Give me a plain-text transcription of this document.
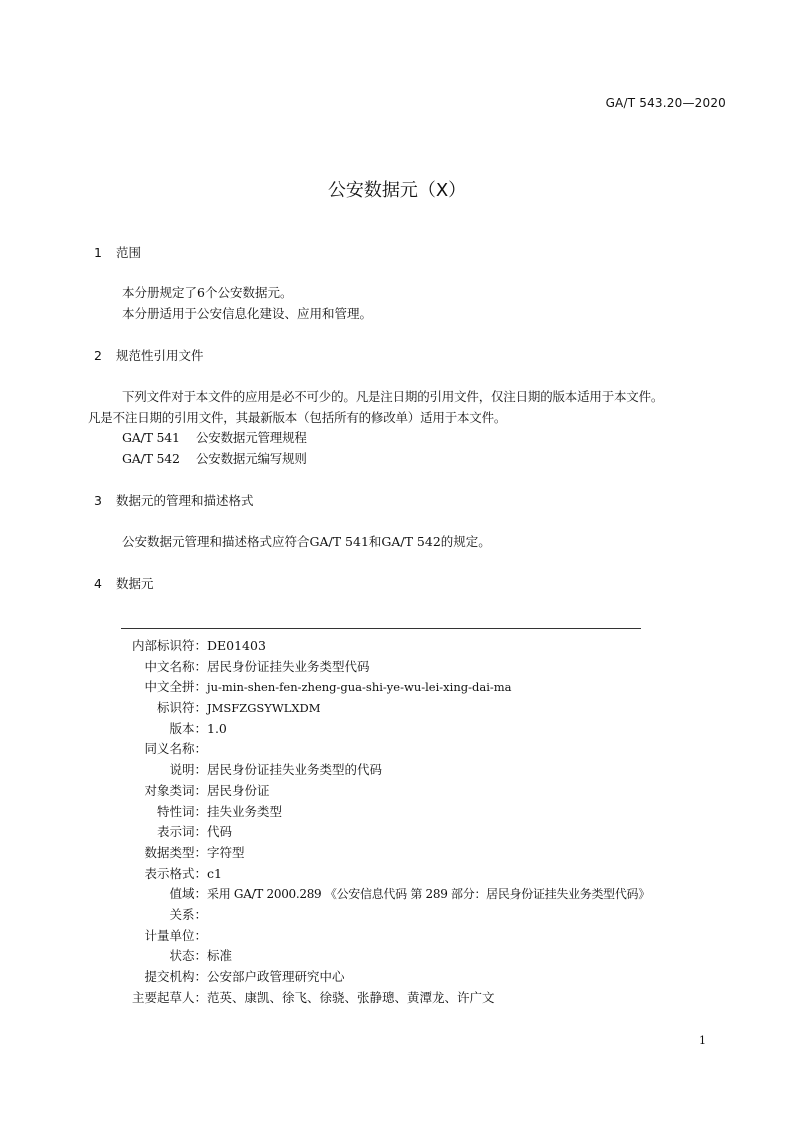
GA/T 543.20—2020
公安数据元（X）
1 范围
本分册规定了6个公安数据元。
本分册适用于公安信息化建设、应用和管理。
2 规范性引用文件
下列文件对于本文件的应用是必不可少的。凡是注日期的引用文件，仅注日期的版本适用于本文件。
凡是不注日期的引用文件，其最新版本（包括所有的修改单）适用于本文件。
GA/T 541 公安数据元管理规程
GA/T 542 公安数据元编写规则
3 数据元的管理和描述格式
公安数据元管理和描述格式应符合GA/T 541和GA/T 542的规定。
4 数据元
内部标识符： DE01403
中文名称： 居民身份证挂失业务类型代码
中文全拼： ju-min-shen-fen-zheng-gua-shi-ye-wu-lei-xing-dai-ma
标识符： JMSFZGSYWLXDM
版本： 1.0
同义名称：
说明： 居民身份证挂失业务类型的代码
对象类词： 居民身份证
特性词： 挂失业务类型
表示词： 代码
数据类型： 字符型
表示格式： c1
值域： 采用 GA/T 2000.289 《公安信息代码 第 289 部分：居民身份证挂失业务类型代码》
关系：
计量单位：
状态： 标准
提交机构： 公安部户政管理研究中心
主要起草人： 范英、康凯、徐飞、徐骁、张静璁、黄潭龙、许广文
1
